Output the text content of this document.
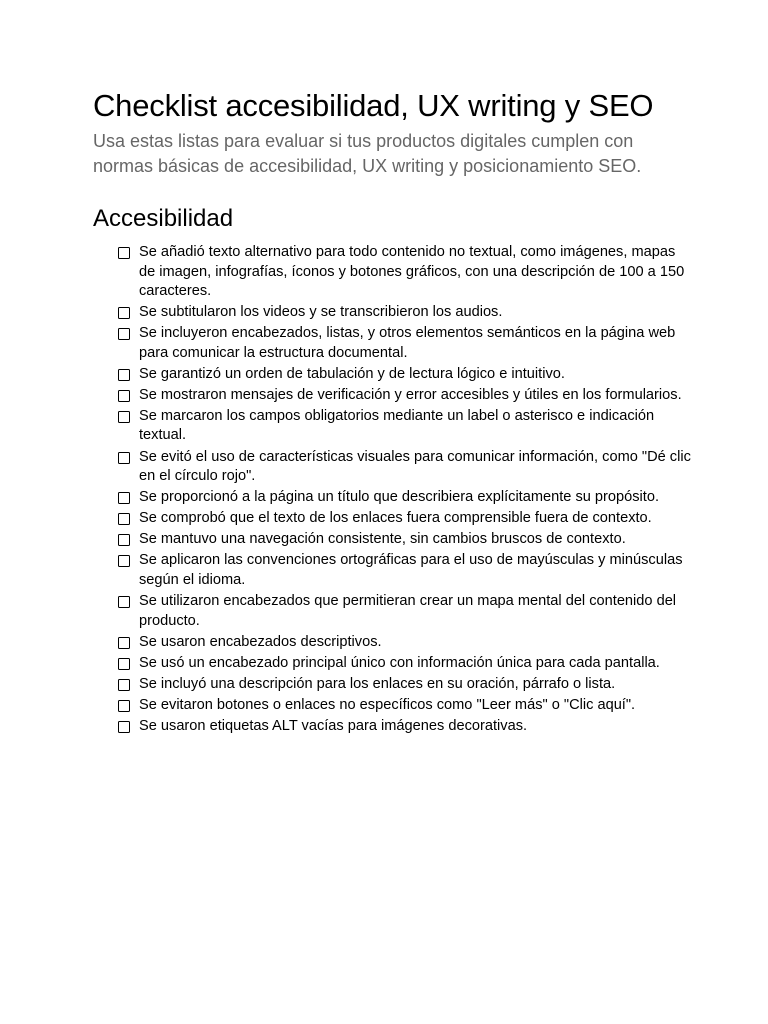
Checklist accesibilidad, UX writing y SEO

Usa estas listas para evaluar si tus productos digitales cumplen con normas básicas de accesibilidad, UX writing y posicionamiento SEO.

Accesibilidad
Se añadió texto alternativo para todo contenido no textual, como imágenes, mapas de imagen, infografías, íconos y botones gráficos, con una descripción de 100 a 150 caracteres.
Se subtitularon los videos y se transcribieron los audios.
Se incluyeron encabezados, listas, y otros elementos semánticos en la página web para comunicar la estructura documental.
Se garantizó un orden de tabulación y de lectura lógico e intuitivo.
Se mostraron mensajes de verificación y error accesibles y útiles en los formularios.
Se marcaron los campos obligatorios mediante un label o asterisco e indicación textual.
Se evitó el uso de características visuales para comunicar información, como "Dé clic en el círculo rojo".
Se proporcionó a la página un título que describiera explícitamente su propósito.
Se comprobó que el texto de los enlaces fuera comprensible fuera de contexto.
Se mantuvo una navegación consistente, sin cambios bruscos de contexto.
Se aplicaron las convenciones ortográficas para el uso de mayúsculas y minúsculas según el idioma.
Se utilizaron encabezados que permitieran crear un mapa mental del contenido del producto.
Se usaron encabezados descriptivos.
Se usó un encabezado principal único con información única para cada pantalla.
Se incluyó una descripción para los enlaces en su oración, párrafo o lista.
Se evitaron botones o enlaces no específicos como "Leer más" o "Clic aquí".
Se usaron etiquetas ALT vacías para imágenes decorativas.
